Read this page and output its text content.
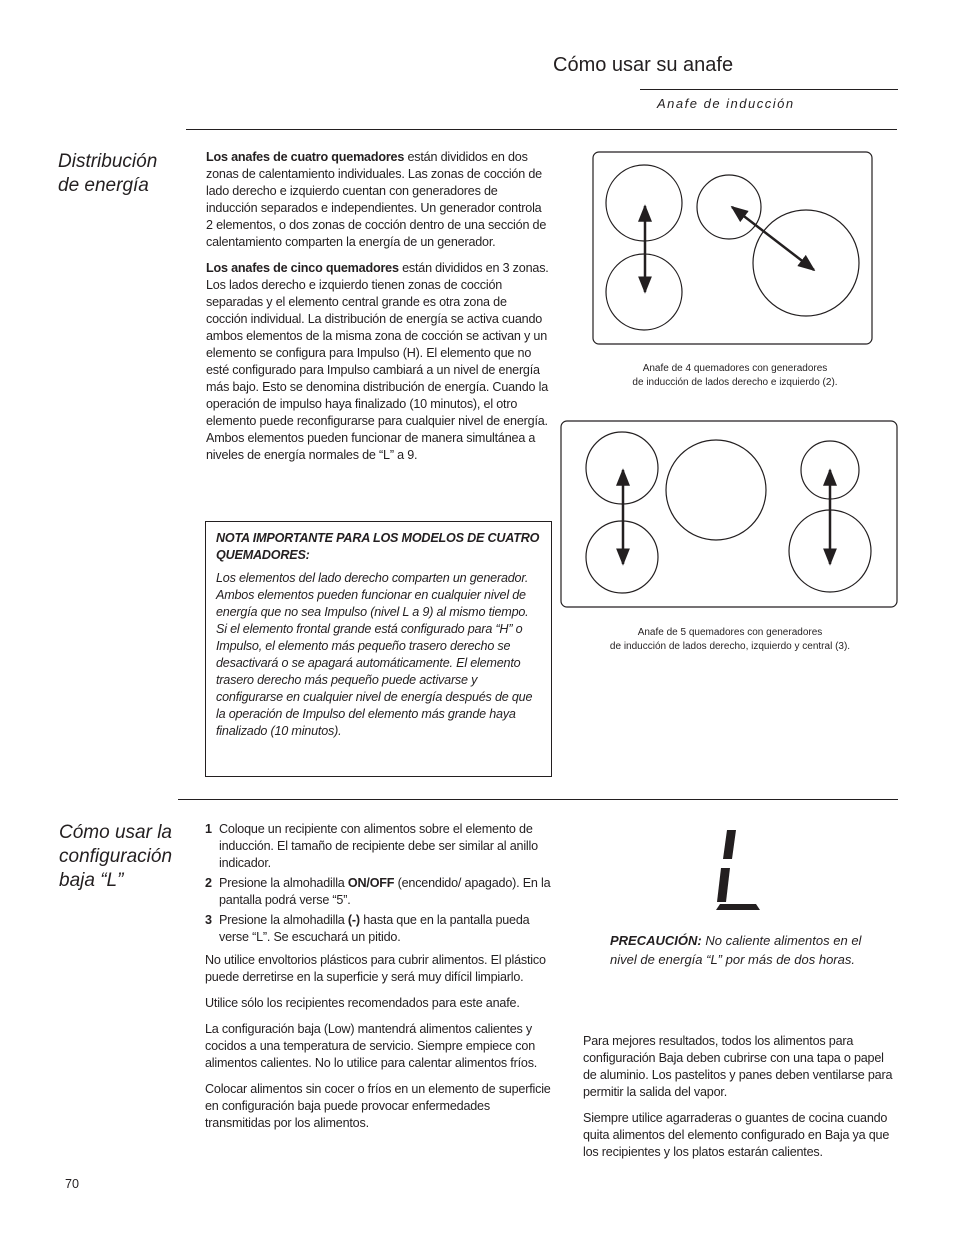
Cómo usar su anafe
Anafe de inducción
Distribución
de energía

Los anafes de cuatro quemadores están divididos en dos zonas de calentamiento individuales. Las zonas de cocción de lado derecho e izquierdo cuentan con generadores de inducción separados e independientes. Un generador controla 2 elementos, o dos zonas de cocción dentro de una sección de calentamiento comparten la energía de un generador.

Los anafes de cinco quemadores están divididos en 3 zonas. Los lados derecho e izquierdo tienen zonas de cocción separadas y el elemento central grande es otra zona de cocción individual. La distribución de energía se activa cuando ambos elementos de la misma zona de cocción se activan y un elemento se configura para Impulso (H). El elemento que no esté configurado para Impulso cambiará a un nivel de energía más bajo. Esto se denomina distribución de energía. Cuando la operación de impulso haya finalizado (10 minutos), el otro elemento puede reconfigurarse para cualquier nivel de energía. Ambos elementos pueden funcionar de manera simultánea a niveles de energía normales de “L” a 9.

NOTA IMPORTANTE PARA LOS MODELOS DE CUATRO QUEMADORES:
Los elementos del lado derecho comparten un generador. Ambos elementos pueden funcionar en cualquier nivel de energía que no sea Impulso (nivel L a 9) al mismo tiempo. Si el elemento frontal grande está configurado para “H” o Impulso, el elemento más pequeño trasero derecho se desactivará o se apagará automáticamente. El elemento trasero derecho más pequeño puede activarse y configurarse en cualquier nivel de energía después de que la operación de Impulso del elemento más grande haya finalizado (10 minutos).
Anafe de 4 quemadores con generadores
de inducción de lados derecho e izquierdo (2).
Anafe de 5 quemadores con generadores
de inducción de lados derecho, izquierdo y central (3).
Cómo usar la
configuración
baja “L”
1 Coloque un recipiente con alimentos sobre el elemento de inducción. El tamaño de recipiente debe ser similar al anillo indicador.
2 Presione la almohadilla ON/OFF (encendido/ apagado). En la pantalla podrá verse “5”.
3 Presione la almohadilla (-) hasta que en la pantalla pueda verse “L”. Se escuchará un pitido.

No utilice envoltorios plásticos para cubrir alimentos. El plástico puede derretirse en la superficie y será muy difícil limpiarlo.

Utilice sólo los recipientes recomendados para este anafe.

La configuración baja (Low) mantendrá alimentos calientes y cocidos a una temperatura de servicio. Siempre empiece con alimentos calientes. No lo utilice para calentar alimentos fríos.

Colocar alimentos sin cocer o fríos en un elemento de superficie en configuración baja puede provocar enfermedades transmitidas por los alimentos.

PRECAUCIÓN: No caliente alimentos en el nivel de energía “L” por más de dos horas.

Para mejores resultados, todos los alimentos para configuración Baja deben cubrirse con una tapa o papel de aluminio. Los pastelitos y panes deben ventilarse para permitir la salida del vapor.

Siempre utilice agarraderas o guantes de cocina cuando quita alimentos del elemento configurado en Baja ya que los recipientes y los platos estarán calientes.

70
